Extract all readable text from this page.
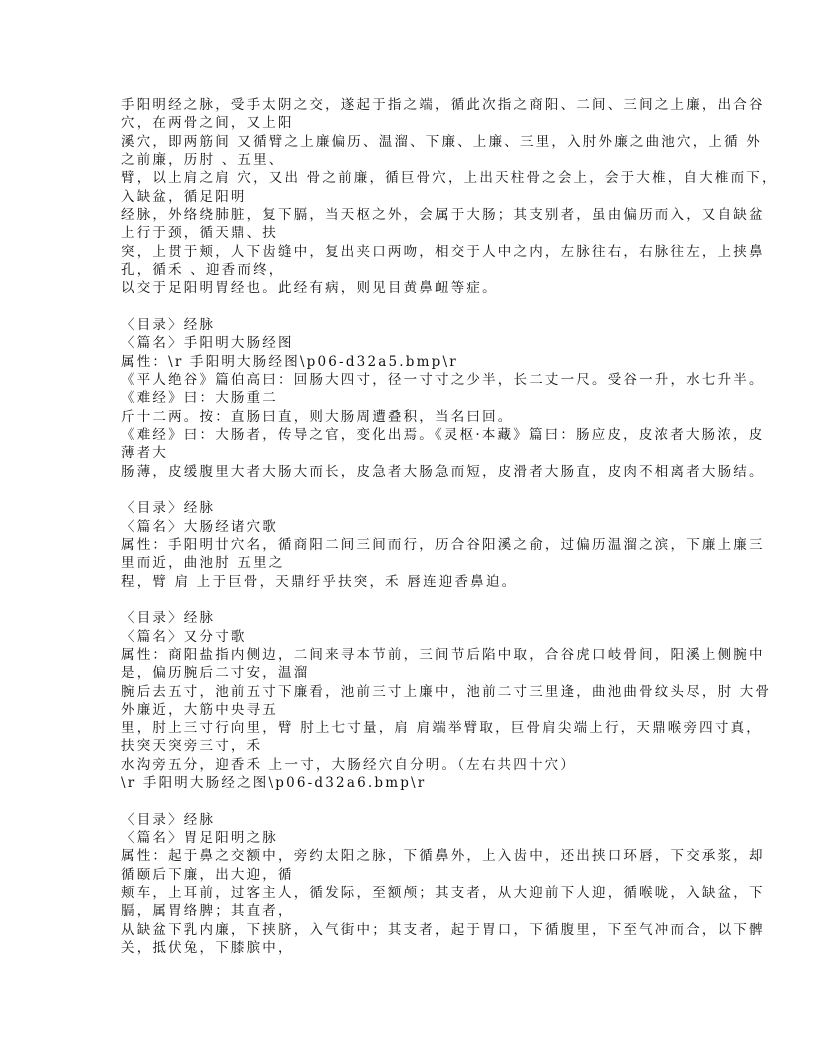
手阳明经之脉，受手太阴之交，遂起于指之端，循此次指之商阳、二间、三间之上廉，出合谷
穴，在两骨之间，又上阳
溪穴，即两筋间 又循臂之上廉偏历、温溜、下廉、上廉、三里，入肘外廉之曲池穴，上循 外
之前廉，历肘 、五里、
臂，以上肩之肩 穴，又出 骨之前廉，循巨骨穴，上出天柱骨之会上，会于大椎，自大椎而下，
入缺盆，循足阳明
经脉，外络绕肺脏，复下膈，当天枢之外，会属于大肠；其支别者，虽由偏历而入，又自缺盆
上行于颈，循天鼎、扶
突，上贯于颊，人下齿缝中，复出夹口两吻，相交于人中之内，左脉往右，右脉往左，上挟鼻
孔，循禾 、迎香而终，
以交于足阳明胃经也。此经有病，则见目黄鼻衄等症。
〈目录〉经脉
〈篇名〉手阳明大肠经图
属性：\r 手阳明大肠经图\p06-d32a5.bmp\r
《平人绝谷》篇伯高曰：回肠大四寸，径一寸寸之少半，长二丈一尺。受谷一升，水七升半。
《难经》曰：大肠重二
斤十二两。按：直肠曰直，则大肠周遭叠积，当名曰回。
《难经》曰：大肠者，传导之官，变化出焉。《灵枢·本藏》篇曰：肠应皮，皮浓者大肠浓，皮
薄者大
肠薄，皮缓腹里大者大肠大而长，皮急者大肠急而短，皮滑者大肠直，皮肉不相离者大肠结。
〈目录〉经脉
〈篇名〉大肠经诸穴歌
属性：手阳明廿穴名，循商阳二间三间而行，历合谷阳溪之俞，过偏历温溜之滨，下廉上廉三
里而近，曲池肘 五里之
程，臂 肩 上于巨骨，天鼎纡乎扶突，禾 唇连迎香鼻迫。
〈目录〉经脉
〈篇名〉又分寸歌
属性：商阳盐指内侧边，二间来寻本节前，三间节后陷中取，合谷虎口岐骨间，阳溪上侧腕中
是，偏历腕后二寸安，温溜
腕后去五寸，池前五寸下廉看，池前三寸上廉中，池前二寸三里逢，曲池曲骨纹头尽，肘 大骨
外廉近，大筋中央寻五
里，肘上三寸行向里，臂 肘上七寸量，肩 肩端举臂取，巨骨肩尖端上行，天鼎喉旁四寸真，
扶突天突旁三寸，禾
水沟旁五分，迎香禾 上一寸，大肠经穴自分明。（左右共四十穴）
\r 手阳明大肠经之图\p06-d32a6.bmp\r
〈目录〉经脉
〈篇名〉胃足阳明之脉
属性：起于鼻之交额中，旁约太阳之脉，下循鼻外，上入齿中，还出挟口环唇，下交承浆，却
循颐后下廉，出大迎，循
颊车，上耳前，过客主人，循发际，至额颅；其支者，从大迎前下人迎，循喉咙，入缺盆，下
膈，属胃络脾；其直者，
从缺盆下乳内廉，下挟脐，入气街中；其支者，起于胃口，下循腹里，下至气冲而合，以下髀
关，抵伏兔，下膝膑中，
